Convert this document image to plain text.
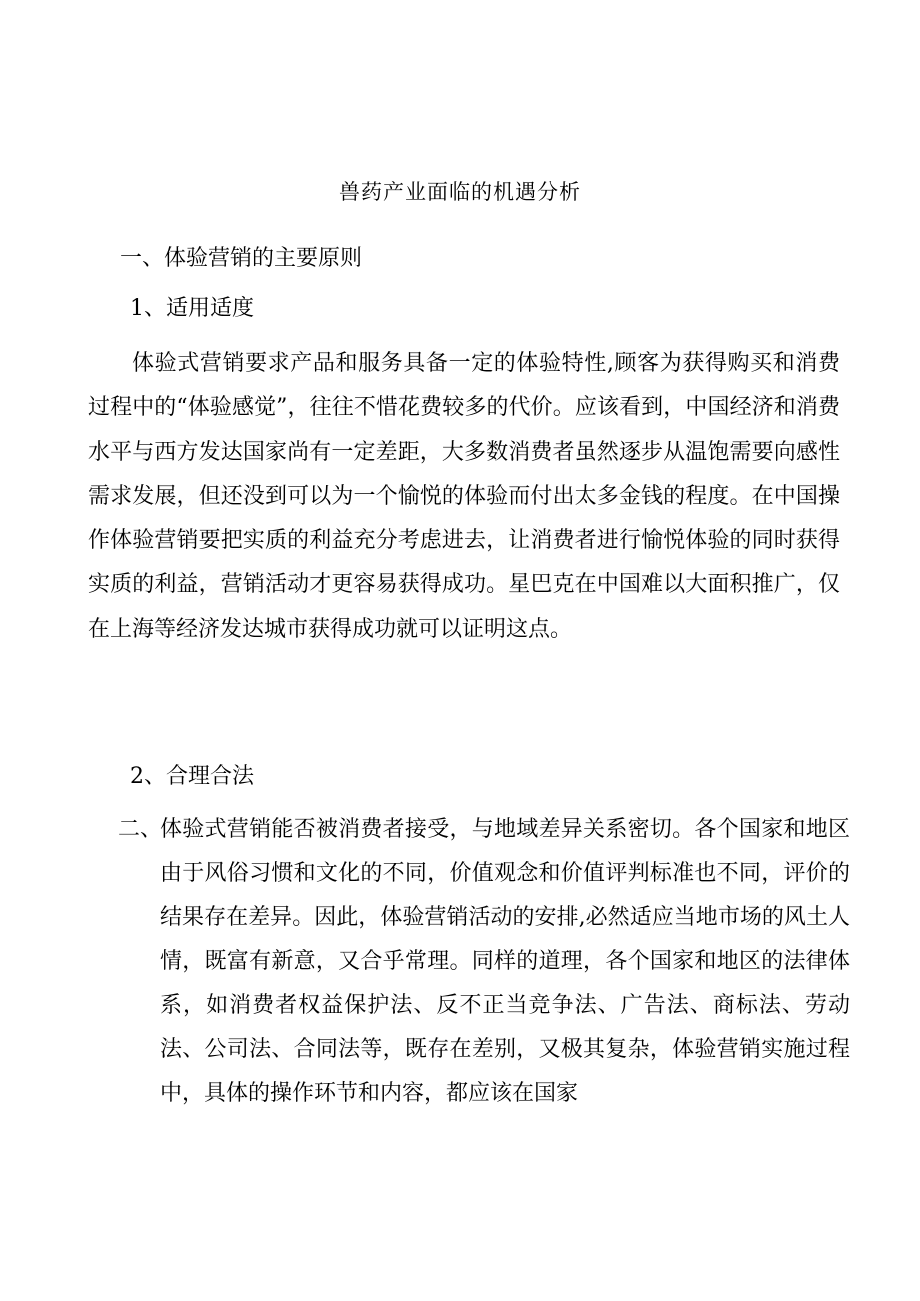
兽药产业面临的机遇分析
一、体验营销的主要原则
1、适用适度

体验式营销要求产品和服务具备一定的体验特性,顾客为获得购买和消费过程中的“体验感觉”，往往不惜花费较多的代价。应该看到，中国经济和消费水平与西方发达国家尚有一定差距，大多数消费者虽然逐步从温饱需要向感性需求发展，但还没到可以为一个愉悦的体验而付出太多金钱的程度。在中国操作体验营销要把实质的利益充分考虑进去，让消费者进行愉悦体验的同时获得实质的利益，营销活动才更容易获得成功。星巴克在中国难以大面积推广，仅在上海等经济发达城市获得成功就可以证明这点。

2、合理合法
二、

体验式营销能否被消费者接受，与地域差异关系密切。各个国家和地区由于风俗习惯和文化的不同，价值观念和价值评判标准也不同，评价的结果存在差异。因此，体验营销活动的安排,必然适应当地市场的风土人情，既富有新意，又合乎常理。同样的道理，各个国家和地区的法律体系，如消费者权益保护法、反不正当竞争法、广告法、商标法、劳动法、公司法、合同法等，既存在差别，又极其复杂，体验营销实施过程中，具体的操作环节和内容，都应该在国家
